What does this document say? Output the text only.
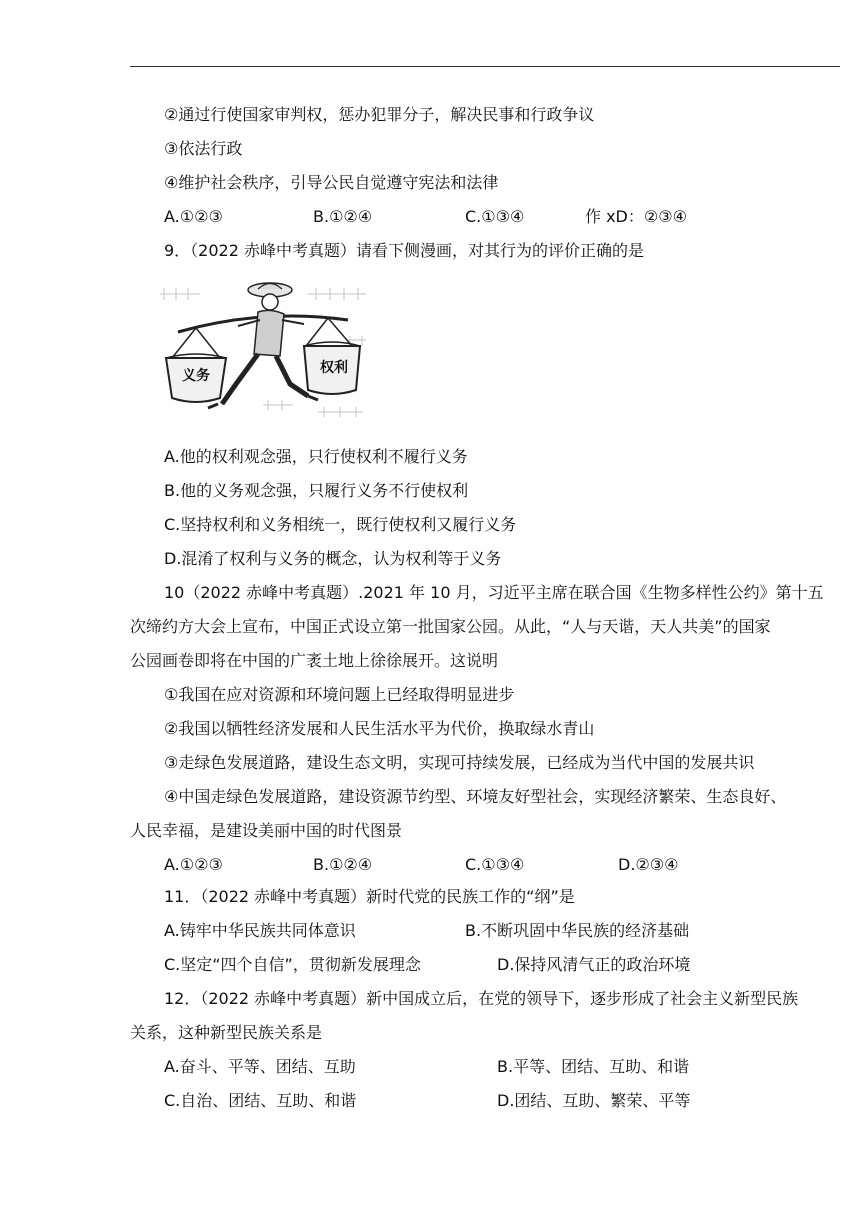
②通过行使国家审判权，惩办犯罪分子，解决民事和行政争议
③依法行政
④维护社会秩序，引导公民自觉遵守宪法和法律
A.①②③	B.①②④	C.①③④	作 xD：②③④
9．（2022 赤峰中考真题）请看下侧漫画，对其行为的评价正确的是
义务	权利
A.他的权利观念强，只行使权利不履行义务
B.他的义务观念强，只履行义务不行使权利
C.坚持权利和义务相统一，既行使权利又履行义务
D.混淆了权利与义务的概念，认为权利等于义务
10（2022 赤峰中考真题）.2021 年 10 月，习近平主席在联合国《生物多样性公约》第十五
次缔约方大会上宣布，中国正式设立第一批国家公园。从此，“人与天谐，天人共美”的国家
公园画卷即将在中国的广袤土地上徐徐展开。这说明
①我国在应对资源和环境问题上已经取得明显进步
②我国以牺牲经济发展和人民生活水平为代价，换取绿水青山
③走绿色发展道路，建设生态文明，实现可持续发展，已经成为当代中国的发展共识
④中国走绿色发展道路，建设资源节约型、环境友好型社会，实现经济繁荣、生态良好、
人民幸福，是建设美丽中国的时代图景
A.①②③	B.①②④	C.①③④	D.②③④
11．（2022 赤峰中考真题）新时代党的民族工作的“纲”是
A.铸牢中华民族共同体意识	B.不断巩固中华民族的经济基础
C.坚定“四个自信”，贯彻新发展理念	D.保持风清气正的政治环境
12．（2022 赤峰中考真题）新中国成立后，在党的领导下，逐步形成了社会主义新型民族
关系，这种新型民族关系是
A.奋斗、平等、团结、互助	B.平等、团结、互助、和谐
C.自治、团结、互助、和谐	D.团结、互助、繁荣、平等
